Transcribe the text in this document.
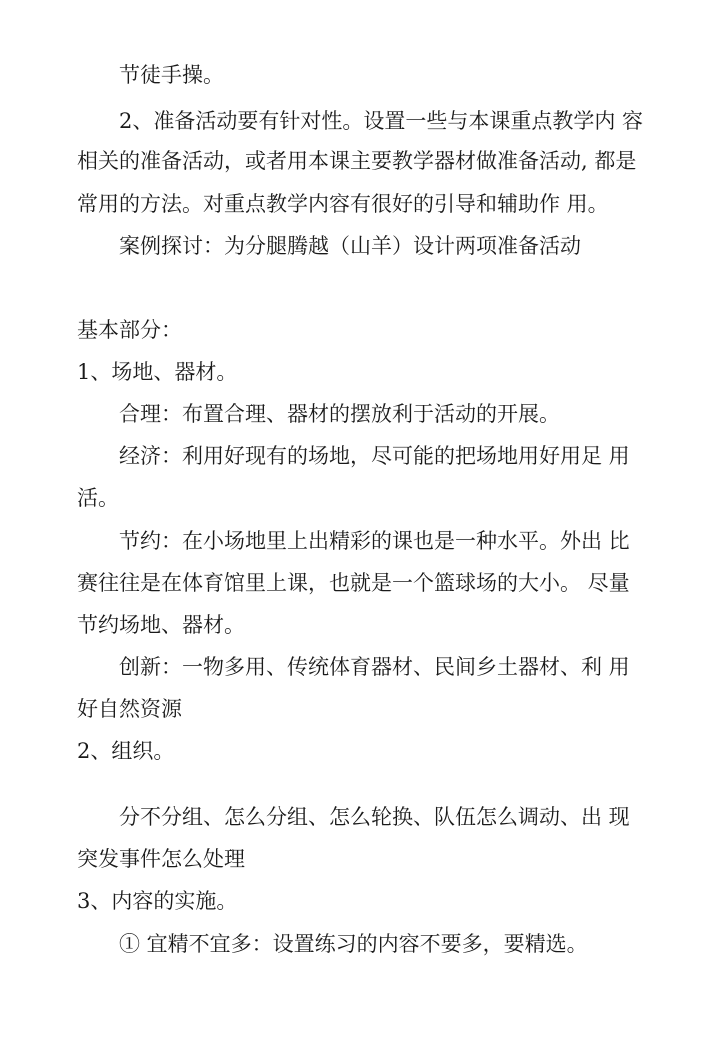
节徒手操。
2、准备活动要有针对性。设置一些与本课重点教学内 容
相关的准备活动，或者用本课主要教学器材做准备活动, 都是
常用的方法。对重点教学内容有很好的引导和辅助作 用。
案例探讨：为分腿腾越（山羊）设计两项准备活动
基本部分：
1、场地、器材。
合理：布置合理、器材的摆放利于活动的开展。
经济：利用好现有的场地，尽可能的把场地用好用足 用
活。
节约：在小场地里上出精彩的课也是一种水平。外出 比
赛往往是在体育馆里上课，也就是一个篮球场的大小。 尽量
节约场地、器材。
创新：一物多用、传统体育器材、民间乡土器材、利 用
好自然资源
2、组织。
分不分组、怎么分组、怎么轮换、队伍怎么调动、出 现
突发事件怎么处理
3、内容的实施。
① 宜精不宜多：设置练习的内容不要多，要精选。
